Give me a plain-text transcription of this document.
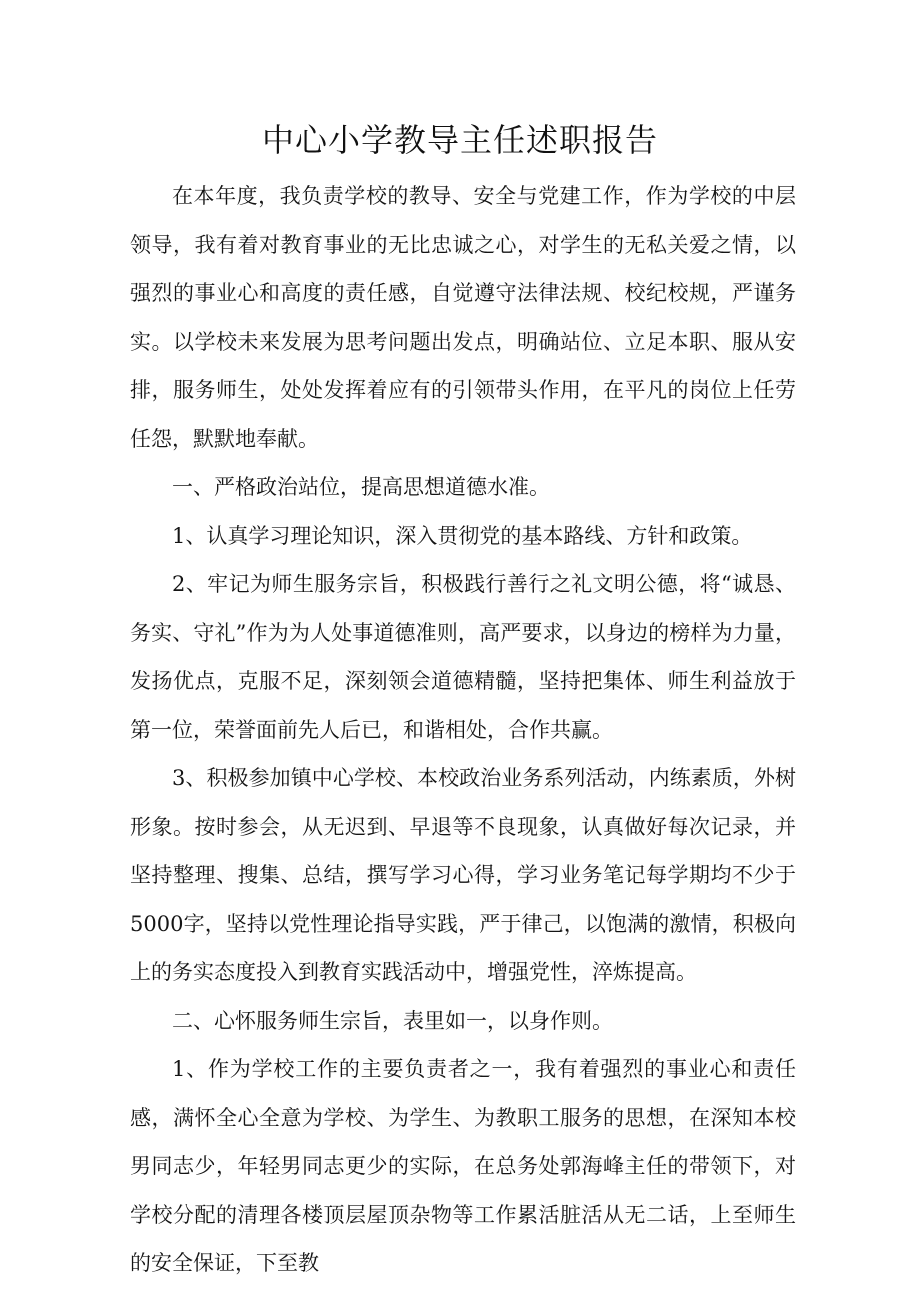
中心小学教导主任述职报告

在本年度，我负责学校的教导、安全与党建工作，作为学校的中层领导，我有着对教育事业的无比忠诚之心，对学生的无私关爱之情，以强烈的事业心和高度的责任感，自觉遵守法律法规、校纪校规，严谨务实。以学校未来发展为思考问题出发点，明确站位、立足本职、服从安排，服务师生，处处发挥着应有的引领带头作用，在平凡的岗位上任劳任怨，默默地奉献。

一、严格政治站位，提高思想道德水准。

1、认真学习理论知识，深入贯彻党的基本路线、方针和政策。

2、牢记为师生服务宗旨，积极践行善行之礼文明公德，将“诚恳、务实、守礼”作为为人处事道德准则，高严要求，以身边的榜样为力量，发扬优点，克服不足，深刻领会道德精髓，坚持把集体、师生利益放于第一位，荣誉面前先人后已，和谐相处，合作共赢。

3、积极参加镇中心学校、本校政治业务系列活动，内练素质，外树形象。按时参会，从无迟到、早退等不良现象，认真做好每次记录，并坚持整理、搜集、总结，撰写学习心得，学习业务笔记每学期均不少于5000字，坚持以党性理论指导实践，严于律己，以饱满的激情，积极向上的务实态度投入到教育实践活动中，增强党性，淬炼提高。

二、心怀服务师生宗旨，表里如一，以身作则。

1、作为学校工作的主要负责者之一，我有着强烈的事业心和责任感，满怀全心全意为学校、为学生、为教职工服务的思想，在深知本校男同志少，年轻男同志更少的实际，在总务处郭海峰主任的带领下，对学校分配的清理各楼顶层屋顶杂物等工作累活脏活从无二话，上至师生的安全保证，下至教
